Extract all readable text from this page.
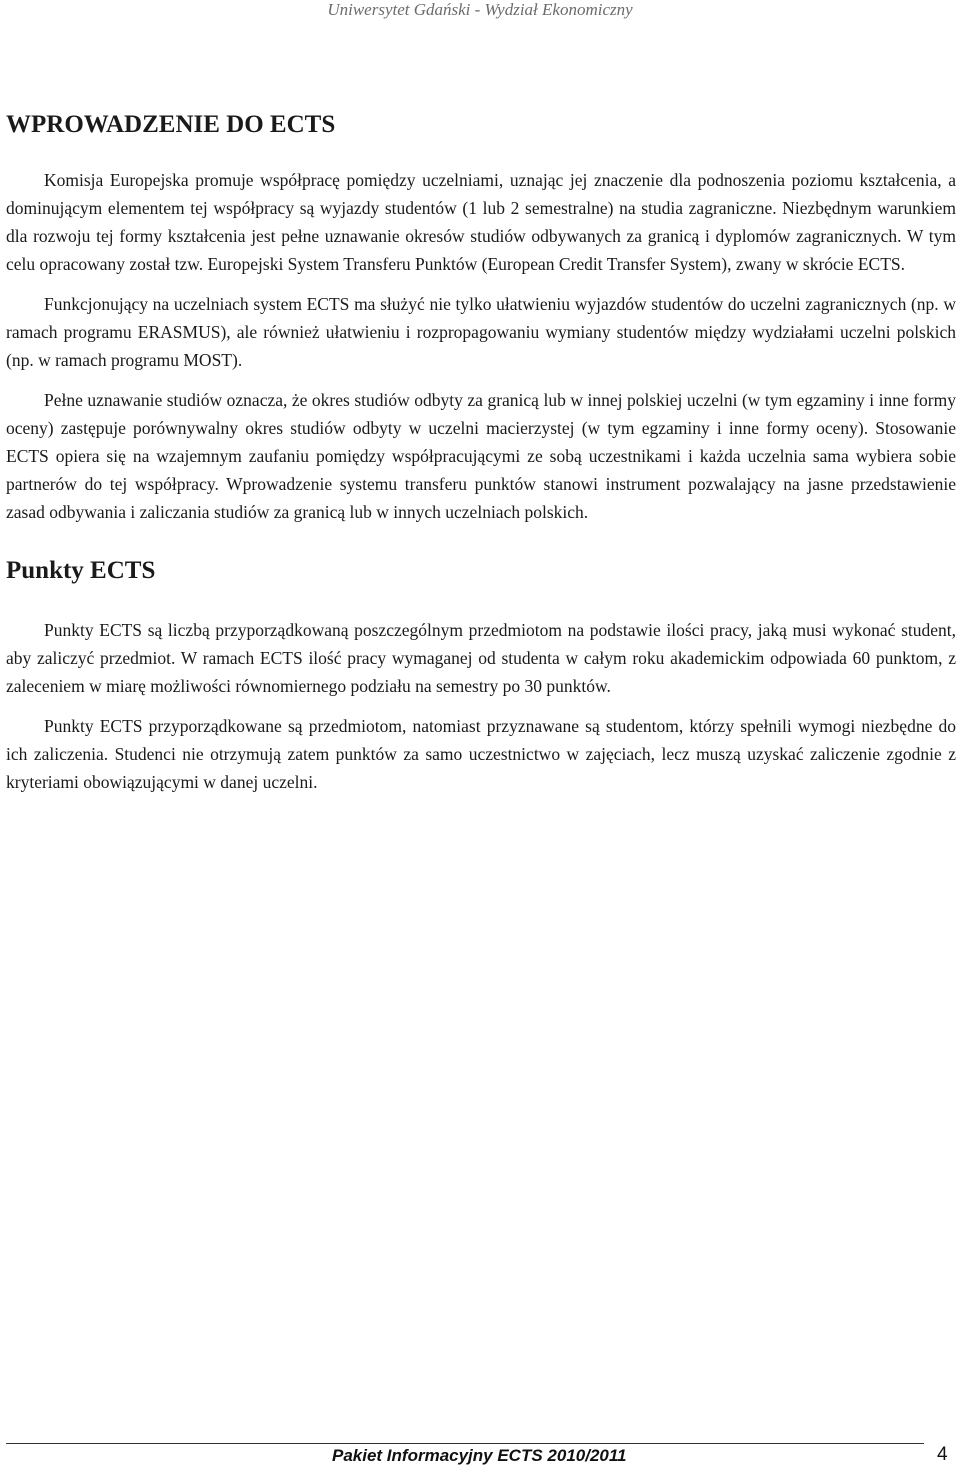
Uniwersytet Gdański - Wydział Ekonomiczny
WPROWADZENIE DO ECTS

Komisja Europejska promuje współpracę pomiędzy uczelniami, uznając jej znaczenie dla podnoszenia poziomu kształcenia, a dominującym elementem tej współpracy są wyjazdy studentów (1 lub 2 semestralne) na studia zagraniczne. Niezbędnym warunkiem dla rozwoju tej formy kształcenia jest pełne uznawanie okresów studiów odbywanych za granicą i dyplomów zagranicznych. W tym celu opracowany został tzw. Europejski System Transferu Punktów (European Credit Transfer System), zwany w skrócie ECTS.

Funkcjonujący na uczelniach system ECTS ma służyć nie tylko ułatwieniu wyjazdów studentów do uczelni zagranicznych (np. w ramach programu ERASMUS), ale również ułatwieniu i rozpropagowaniu wymiany studentów między wydziałami uczelni polskich (np. w ramach programu MOST).

Pełne uznawanie studiów oznacza, że okres studiów odbyty za granicą lub w innej polskiej uczelni (w tym egzaminy i inne formy oceny) zastępuje porównywalny okres studiów odbyty w uczelni macierzystej (w tym egzaminy i inne formy oceny). Stosowanie ECTS opiera się na wzajemnym zaufaniu pomiędzy współpracującymi ze sobą uczestnikami i każda uczelnia sama wybiera sobie partnerów do tej współpracy. Wprowadzenie systemu transferu punktów stanowi instrument pozwalający na jasne przedstawienie zasad odbywania i zaliczania studiów za granicą lub w innych uczelniach polskich.

Punkty ECTS

Punkty ECTS są liczbą przyporządkowaną poszczególnym przedmiotom na podstawie ilości pracy, jaką musi wykonać student, aby zaliczyć przedmiot. W ramach ECTS ilość pracy wymaganej od studenta w całym roku akademickim odpowiada 60 punktom, z zaleceniem w miarę możliwości równomiernego podziału na semestry po 30 punktów.

Punkty ECTS przyporządkowane są przedmiotom, natomiast przyznawane są studentom, którzy spełnili wymogi niezbędne do ich zaliczenia. Studenci nie otrzymują zatem punktów za samo uczestnictwo w zajęciach, lecz muszą uzyskać zaliczenie zgodnie z kryteriami obowiązującymi w danej uczelni.

Pakiet Informacyjny ECTS 2010/2011	4
